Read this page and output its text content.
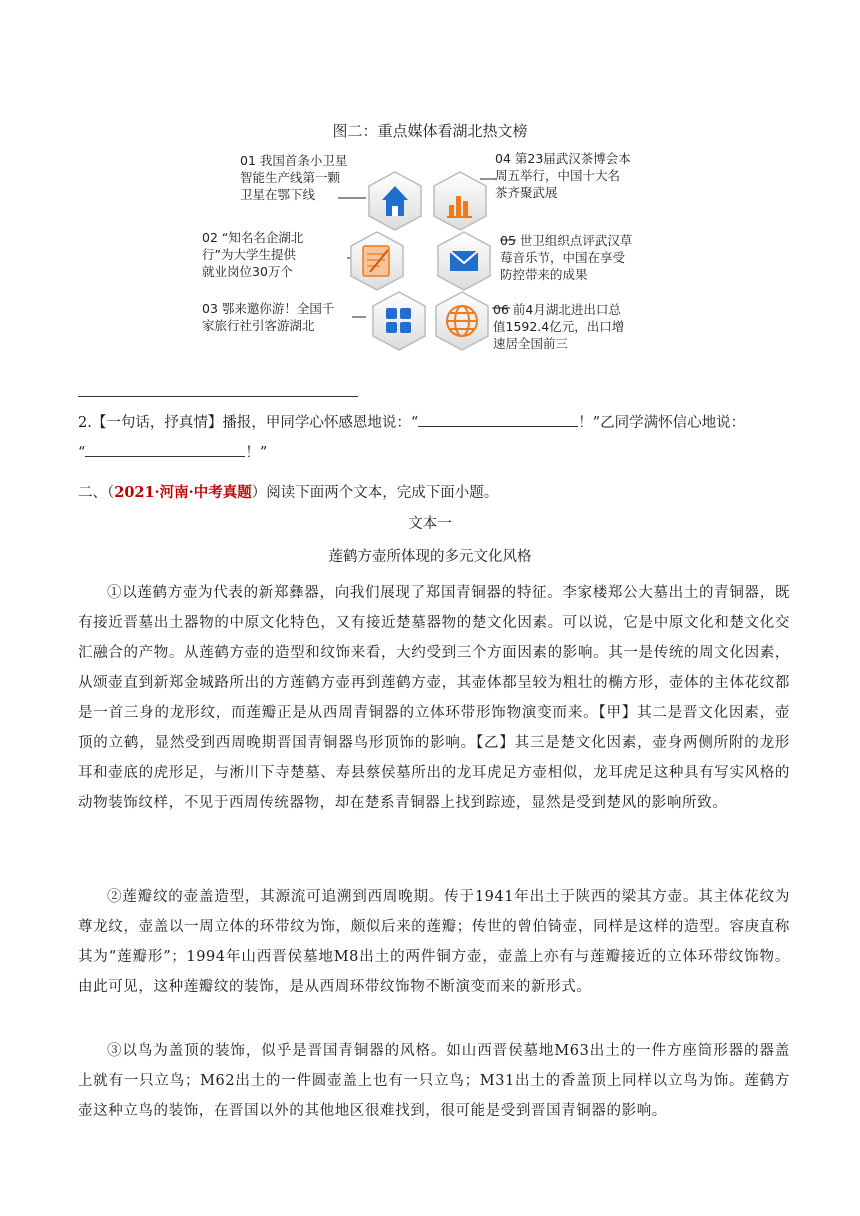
图二：重点媒体看湖北热文榜
01 我国首条小卫星
智能生产线第一颗
卫星在鄂下线
02 “知名名企湖北
行”为大学生提供
就业岗位30万个
03 鄂来邀你游！全国千
家旅行社引客游湖北
04 第23届武汉茶博会本
周五举行，中国十大名
茶齐聚武展
05 世卫组织点评武汉草
莓音乐节，中国在享受
防控带来的成果
06 前4月湖北进出口总
值1592.4亿元，出口增
速居全国前三

2.【一句话，抒真情】播报，甲同学心怀感恩地说：“	！”乙同学满怀信心地说：
“	！”

二、（2021·河南·中考真题）阅读下面两个文本，完成下面小题。

文本一
莲鹤方壶所体现的多元文化风格

①以莲鹤方壶为代表的新郑彝器，向我们展现了郑国青铜器的特征。李家楼郑公大墓出土的青铜器，既有接近晋墓出土器物的中原文化特色，又有接近楚墓器物的楚文化因素。可以说，它是中原文化和楚文化交汇融合的产物。从莲鹤方壶的造型和纹饰来看，大约受到三个方面因素的影响。其一是传统的周文化因素，从颂壶直到新郑金城路所出的方莲鹤方壶再到莲鹤方壶，其壶体都呈较为粗壮的椭方形，壶体的主体花纹都是一首三身的龙形纹，而莲瓣正是从西周青铜器的立体环带形饰物演变而来。【甲】其二是晋文化因素，壶顶的立鹤，显然受到西周晚期晋国青铜器鸟形顶饰的影响。【乙】其三是楚文化因素，壶身两侧所附的龙形耳和壶底的虎形足，与淅川下寺楚墓、寿县蔡侯墓所出的龙耳虎足方壶相似，龙耳虎足这种具有写实风格的动物装饰纹样，不见于西周传统器物，却在楚系青铜器上找到踪迹，显然是受到楚风的影响所致。

②莲瓣纹的壶盖造型，其源流可追溯到西周晚期。传于1941年出土于陕西的梁其方壶。其主体花纹为尊龙纹，壶盖以一周立体的环带纹为饰，颇似后来的莲瓣；传世的曾伯锜壶，同样是这样的造型。容庚直称其为“莲瓣形”；1994年山西晋侯墓地M8出土的两件铜方壶，壶盖上亦有与莲瓣接近的立体环带纹饰物。由此可见，这种莲瓣纹的装饰，是从西周环带纹饰物不断演变而来的新形式。

③以鸟为盖顶的装饰，似乎是晋国青铜器的风格。如山西晋侯墓地M63出土的一件方座筒形器的器盖上就有一只立鸟；M62出土的一件圆壶盖上也有一只立鸟；M31出土的香盖顶上同样以立鸟为饰。莲鹤方壶这种立鸟的装饰，在晋国以外的其他地区很难找到，很可能是受到晋国青铜器的影响。
